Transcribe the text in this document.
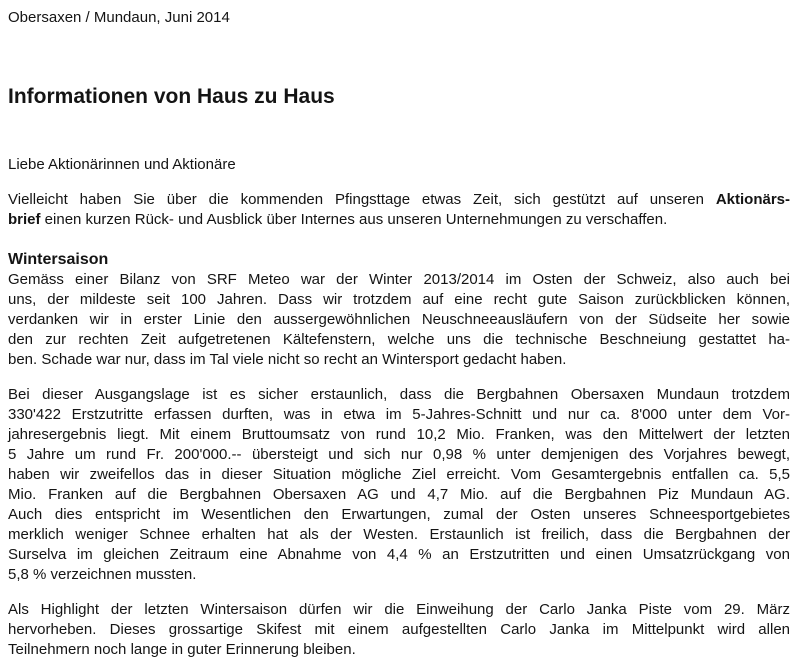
Obersaxen / Mundaun, Juni 2014
Informationen von Haus zu Haus
Liebe Aktionärinnen und Aktionäre
Vielleicht haben Sie über die kommenden Pfingsttage etwas Zeit, sich gestützt auf unseren Aktionärs-
brief einen kurzen Rück- und Ausblick über Internes aus unseren Unternehmungen zu verschaffen.
Wintersaison
Gemäss einer Bilanz von SRF Meteo war der Winter 2013/2014 im Osten der Schweiz, also auch bei
uns, der mildeste seit 100 Jahren. Dass wir trotzdem auf eine recht gute Saison zurückblicken können,
verdanken wir in erster Linie den aussergewöhnlichen Neuschneeausläufern von der Südseite her sowie
den zur rechten Zeit aufgetretenen Kältefenstern, welche uns die technische Beschneiung gestattet ha-
ben. Schade war nur, dass im Tal viele nicht so recht an Wintersport gedacht haben.
Bei dieser Ausgangslage ist es sicher erstaunlich, dass die Bergbahnen Obersaxen Mundaun trotzdem
330'422 Erstzutritte erfassen durften, was in etwa im 5-Jahres-Schnitt und nur ca. 8'000 unter dem Vor-
jahresergebnis liegt. Mit einem Bruttoumsatz von rund 10,2 Mio. Franken, was den Mittelwert der letzten
5 Jahre um rund Fr. 200'000.-- übersteigt und sich nur 0,98 % unter demjenigen des Vorjahres bewegt,
haben wir zweifellos das in dieser Situation mögliche Ziel erreicht. Vom Gesamtergebnis entfallen ca. 5,5
Mio. Franken auf die Bergbahnen Obersaxen AG und 4,7 Mio. auf die Bergbahnen Piz Mundaun AG.
Auch dies entspricht im Wesentlichen den Erwartungen, zumal der Osten unseres Schneesportgebietes
merklich weniger Schnee erhalten hat als der Westen. Erstaunlich ist freilich, dass die Bergbahnen der
Surselva im gleichen Zeitraum eine Abnahme von 4,4 % an Erstzutritten und einen Umsatzrückgang von
5,8 % verzeichnen mussten.
Als Highlight der letzten Wintersaison dürfen wir die Einweihung der Carlo Janka Piste vom 29. März
hervorheben. Dieses grossartige Skifest mit einem aufgestellten Carlo Janka im Mittelpunkt wird allen
Teilnehmern noch lange in guter Erinnerung bleiben.
